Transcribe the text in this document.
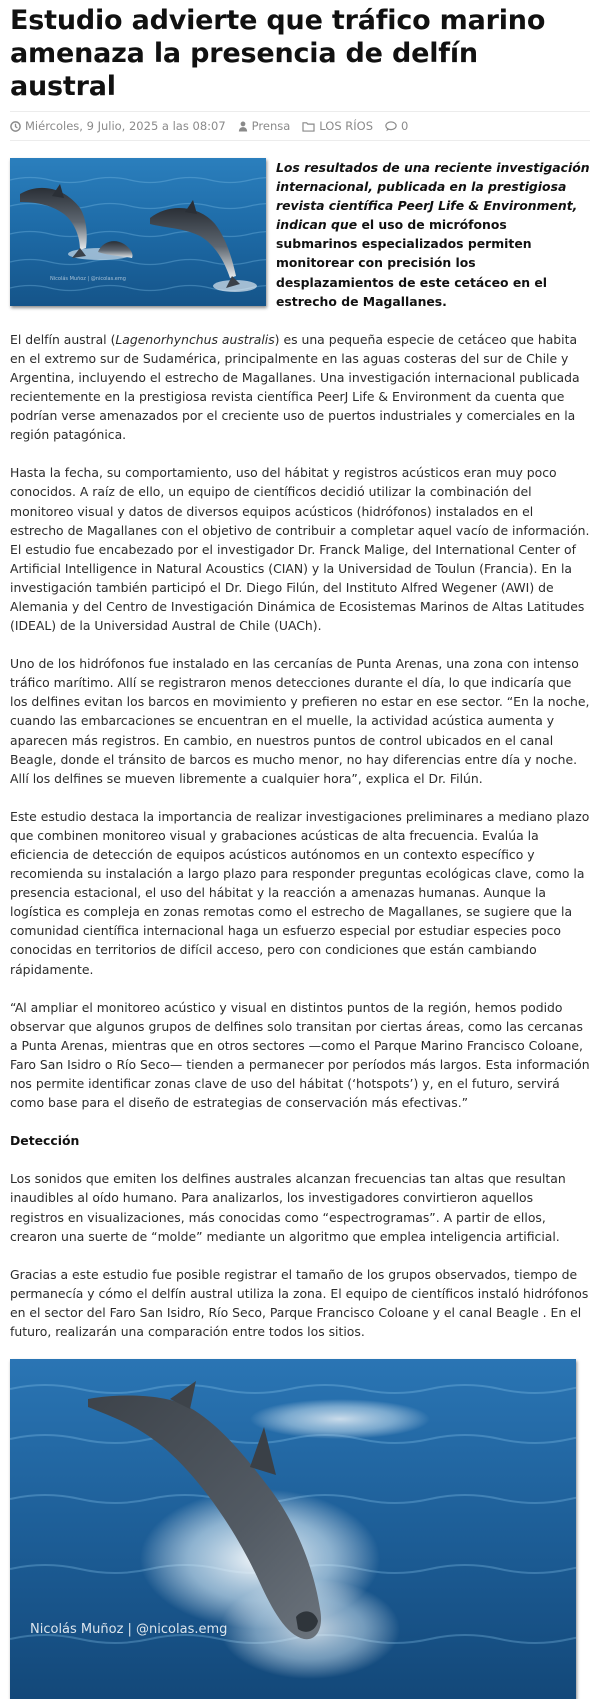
Estudio advierte que tráfico marino amenaza la presencia de delfín austral
Miércoles, 9 Julio, 2025 a las 08:07 Prensa	LOS RÍOS 0
Nicolás Muñoz | @nicolas.emg

Los resultados de una reciente investigación internacional, publicada en la prestigiosa revista científica PeerJ Life & Environment, indican que el uso de micrófonos submarinos especializados permiten monitorear con precisión los desplazamientos de este cetáceo en el estrecho de Magallanes.

El delfín austral (Lagenorhynchus australis) es una pequeña especie de cetáceo que habita en el extremo sur de Sudamérica, principalmente en las aguas costeras del sur de Chile y Argentina, incluyendo el estrecho de Magallanes. Una investigación internacional publicada recientemente en la prestigiosa revista científica PeerJ Life & Environment da cuenta que podrían verse amenazados por el creciente uso de puertos industriales y comerciales en la región patagónica.

Hasta la fecha, su comportamiento, uso del hábitat y registros acústicos eran muy poco conocidos. A raíz de ello, un equipo de científicos decidió utilizar la combinación del monitoreo visual y datos de diversos equipos acústicos (hidrófonos) instalados en el estrecho de Magallanes con el objetivo de contribuir a completar aquel vacío de información. El estudio fue encabezado por el investigador Dr. Franck Malige, del International Center of Artificial Intelligence in Natural Acoustics (CIAN) y la Universidad de Toulun (Francia). En la investigación también participó el Dr. Diego Filún, del Instituto Alfred Wegener (AWI) de Alemania y del Centro de Investigación Dinámica de Ecosistemas Marinos de Altas Latitudes (IDEAL) de la Universidad Austral de Chile (UACh).

Uno de los hidrófonos fue instalado en las cercanías de Punta Arenas, una zona con intenso tráfico marítimo. Allí se registraron menos detecciones durante el día, lo que indicaría que los delfines evitan los barcos en movimiento y prefieren no estar en ese sector. “En la noche, cuando las embarcaciones se encuentran en el muelle, la actividad acústica aumenta y aparecen más registros. En cambio, en nuestros puntos de control ubicados en el canal Beagle, donde el tránsito de barcos es mucho menor, no hay diferencias entre día y noche. Allí los delfines se mueven libremente a cualquier hora”, explica el Dr. Filún.

Este estudio destaca la importancia de realizar investigaciones preliminares a mediano plazo que combinen monitoreo visual y grabaciones acústicas de alta frecuencia. Evalúa la eficiencia de detección de equipos acústicos autónomos en un contexto específico y recomienda su instalación a largo plazo para responder preguntas ecológicas clave, como la presencia estacional, el uso del hábitat y la reacción a amenazas humanas. Aunque la logística es compleja en zonas remotas como el estrecho de Magallanes, se sugiere que la comunidad científica internacional haga un esfuerzo especial por estudiar especies poco conocidas en territorios de difícil acceso, pero con condiciones que están cambiando rápidamente.

“Al ampliar el monitoreo acústico y visual en distintos puntos de la región, hemos podido observar que algunos grupos de delfines solo transitan por ciertas áreas, como las cercanas a Punta Arenas, mientras que en otros sectores —como el Parque Marino Francisco Coloane, Faro San Isidro o Río Seco— tienden a permanecer por períodos más largos. Esta información nos permite identificar zonas clave de uso del hábitat (‘hotspots’) y, en el futuro, servirá como base para el diseño de estrategias de conservación más efectivas.”

Detección

Los sonidos que emiten los delfines australes alcanzan frecuencias tan altas que resultan inaudibles al oído humano. Para analizarlos, los investigadores convirtieron aquellos registros en visualizaciones, más conocidas como “espectrogramas”. A partir de ellos, crearon una suerte de “molde” mediante un algoritmo que emplea inteligencia artificial.

Gracias a este estudio fue posible registrar el tamaño de los grupos observados, tiempo de permanecía y cómo el delfín austral utiliza la zona. El equipo de científicos instaló hidrófonos en el sector del Faro San Isidro, Río Seco, Parque Francisco Coloane y el canal Beagle . En el futuro, realizarán una comparación entre todos los sitios.

Nicolás Muñoz | @nicolas.emg
